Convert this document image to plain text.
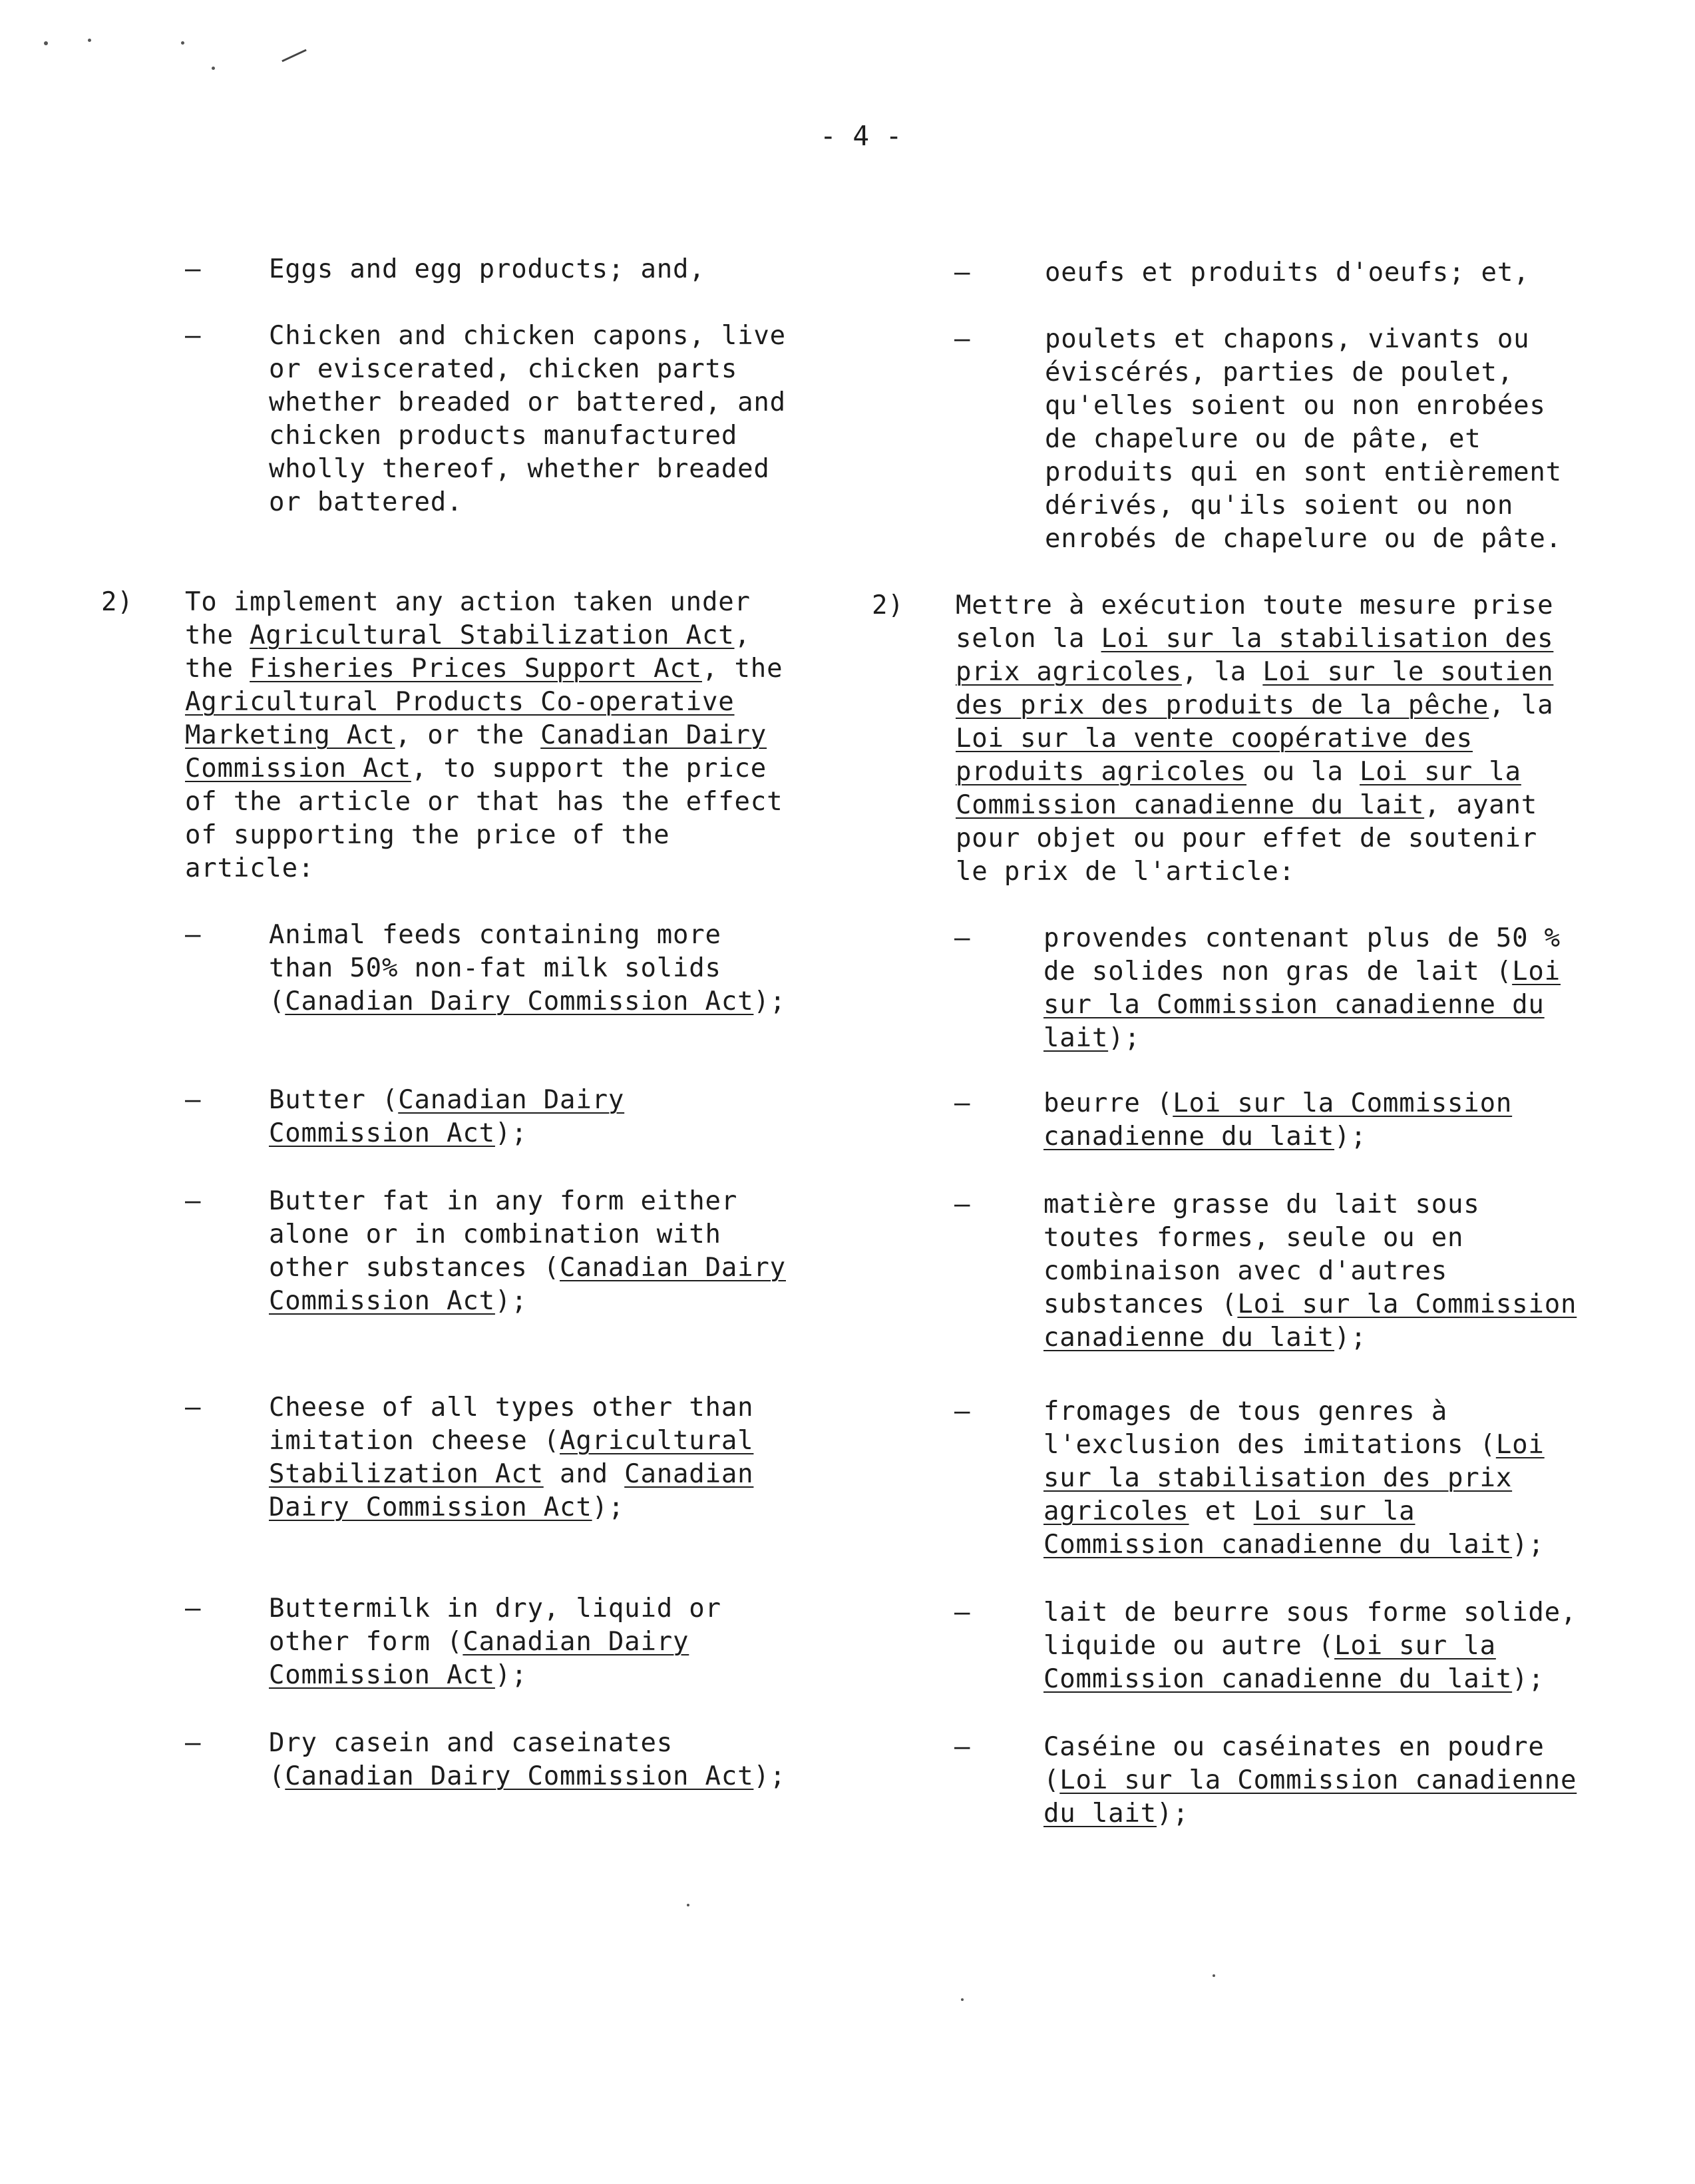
- 4 -
–	Eggs and egg products; and,
–	Chicken and chicken capons, live
or eviscerated, chicken parts
whether breaded or battered, and
chicken products manufactured
wholly thereof, whether breaded
or battered.
2) To implement any action taken under
the Agricultural Stabilization Act,
the Fisheries Prices Support Act, the
Agricultural Products Co-operative
Marketing Act, or the Canadian Dairy
Commission Act, to support the price
of the article or that has the effect
of supporting the price of the
article:
–	Animal feeds containing more
than 50% non-fat milk solids
(Canadian Dairy Commission Act);
–	Butter (Canadian Dairy
Commission Act);
–	Butter fat in any form either
alone or in combination with
other substances (Canadian Dairy
Commission Act);
–	Cheese of all types other than
imitation cheese (Agricultural
Stabilization Act and Canadian
Dairy Commission Act);
–	Buttermilk in dry, liquid or
other form (Canadian Dairy
Commission Act);
–	Dry casein and caseinates
(Canadian Dairy Commission Act);
–	oeufs et produits d'oeufs; et,
–	poulets et chapons, vivants ou
éviscérés, parties de poulet,
qu'elles soient ou non enrobées
de chapelure ou de pâte, et
produits qui en sont entièrement
dérivés, qu'ils soient ou non
enrobés de chapelure ou de pâte.
2) Mettre à exécution toute mesure prise
selon la Loi sur la stabilisation des
prix agricoles, la Loi sur le soutien
des prix des produits de la pêche, la
Loi sur la vente coopérative des
produits agricoles ou la Loi sur la
Commission canadienne du lait, ayant
pour objet ou pour effet de soutenir
le prix de l'article:
–	provendes contenant plus de 50 %
de solides non gras de lait (Loi
sur la Commission canadienne du
lait);
–	beurre (Loi sur la Commission
canadienne du lait);
–	matière grasse du lait sous
toutes formes, seule ou en
combinaison avec d'autres
substances (Loi sur la Commission
canadienne du lait);
–	fromages de tous genres à
l'exclusion des imitations (Loi
sur la stabilisation des prix
agricoles et Loi sur la
Commission canadienne du lait);
–	lait de beurre sous forme solide,
liquide ou autre (Loi sur la
Commission canadienne du lait);
–	Caséine ou caséinates en poudre
(Loi sur la Commission canadienne
du lait);
